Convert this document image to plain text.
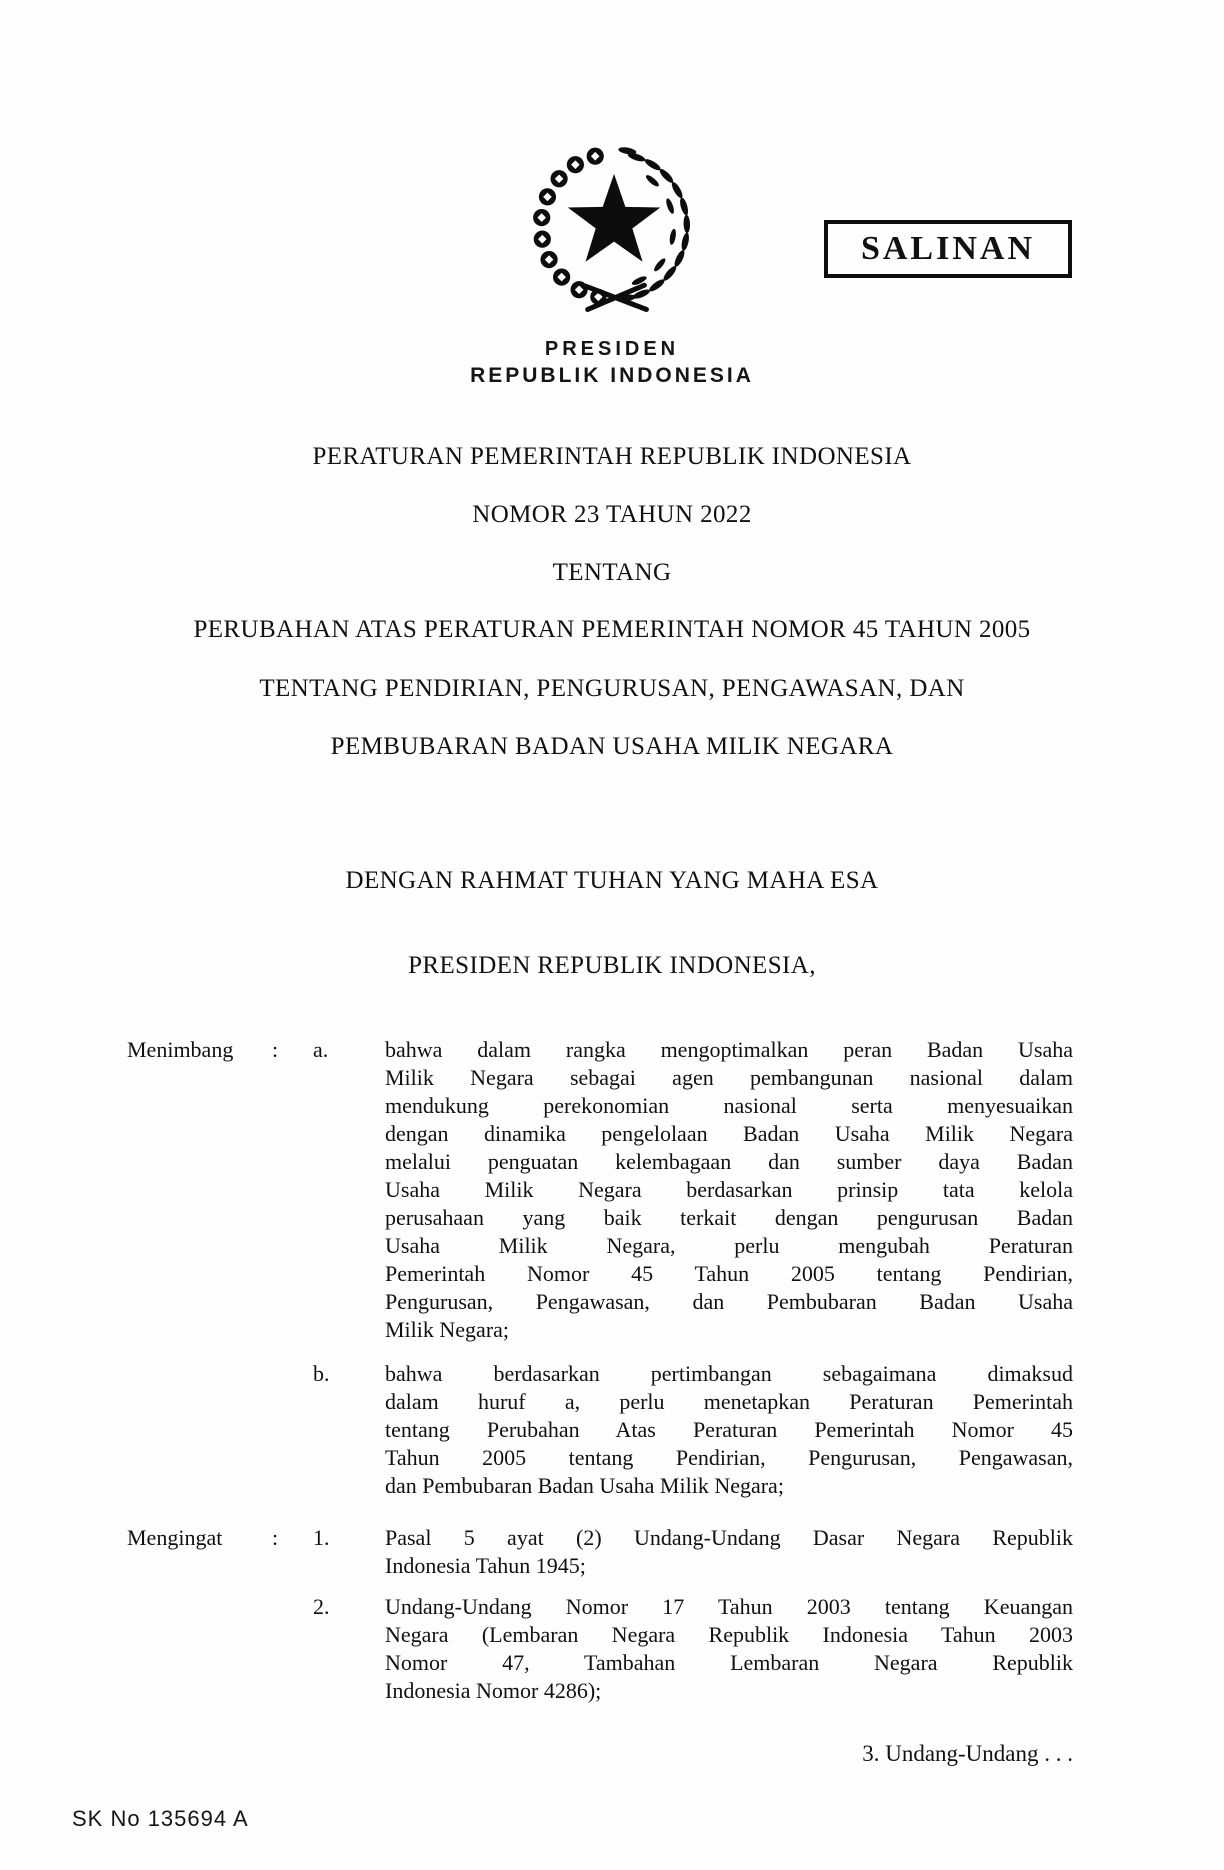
SALINAN
PRESIDEN
REPUBLIK INDONESIA
PERATURAN PEMERINTAH REPUBLIK INDONESIA
NOMOR 23 TAHUN 2022
TENTANG
PERUBAHAN ATAS PERATURAN PEMERINTAH NOMOR 45 TAHUN 2005
TENTANG PENDIRIAN, PENGURUSAN, PENGAWASAN, DAN
PEMBUBARAN BADAN USAHA MILIK NEGARA
DENGAN RAHMAT TUHAN YANG MAHA ESA
PRESIDEN REPUBLIK INDONESIA,
Menimbang	:	a.	bahwa dalam rangka mengoptimalkan peran Badan Usaha
Milik Negara sebagai agen pembangunan nasional dalam
mendukung perekonomian nasional serta menyesuaikan
dengan dinamika pengelolaan Badan Usaha Milik Negara
melalui penguatan kelembagaan dan sumber daya Badan
Usaha Milik Negara berdasarkan prinsip tata kelola
perusahaan yang baik terkait dengan pengurusan Badan
Usaha Milik Negara, perlu mengubah Peraturan
Pemerintah Nomor 45 Tahun 2005 tentang Pendirian,
Pengurusan, Pengawasan, dan Pembubaran Badan Usaha
Milik Negara;
b.	bahwa berdasarkan pertimbangan sebagaimana dimaksud
dalam huruf a, perlu menetapkan Peraturan Pemerintah
tentang Perubahan Atas Peraturan Pemerintah Nomor 45
Tahun 2005 tentang Pendirian, Pengurusan, Pengawasan,
dan Pembubaran Badan Usaha Milik Negara;
Mengingat	:	1.	Pasal 5 ayat (2) Undang-Undang Dasar Negara Republik
Indonesia Tahun 1945;
2.	Undang-Undang Nomor 17 Tahun 2003 tentang Keuangan
Negara (Lembaran Negara Republik Indonesia Tahun 2003
Nomor 47, Tambahan Lembaran Negara Republik
Indonesia Nomor 4286);
3. Undang-Undang . . .
SK No 135694 A
